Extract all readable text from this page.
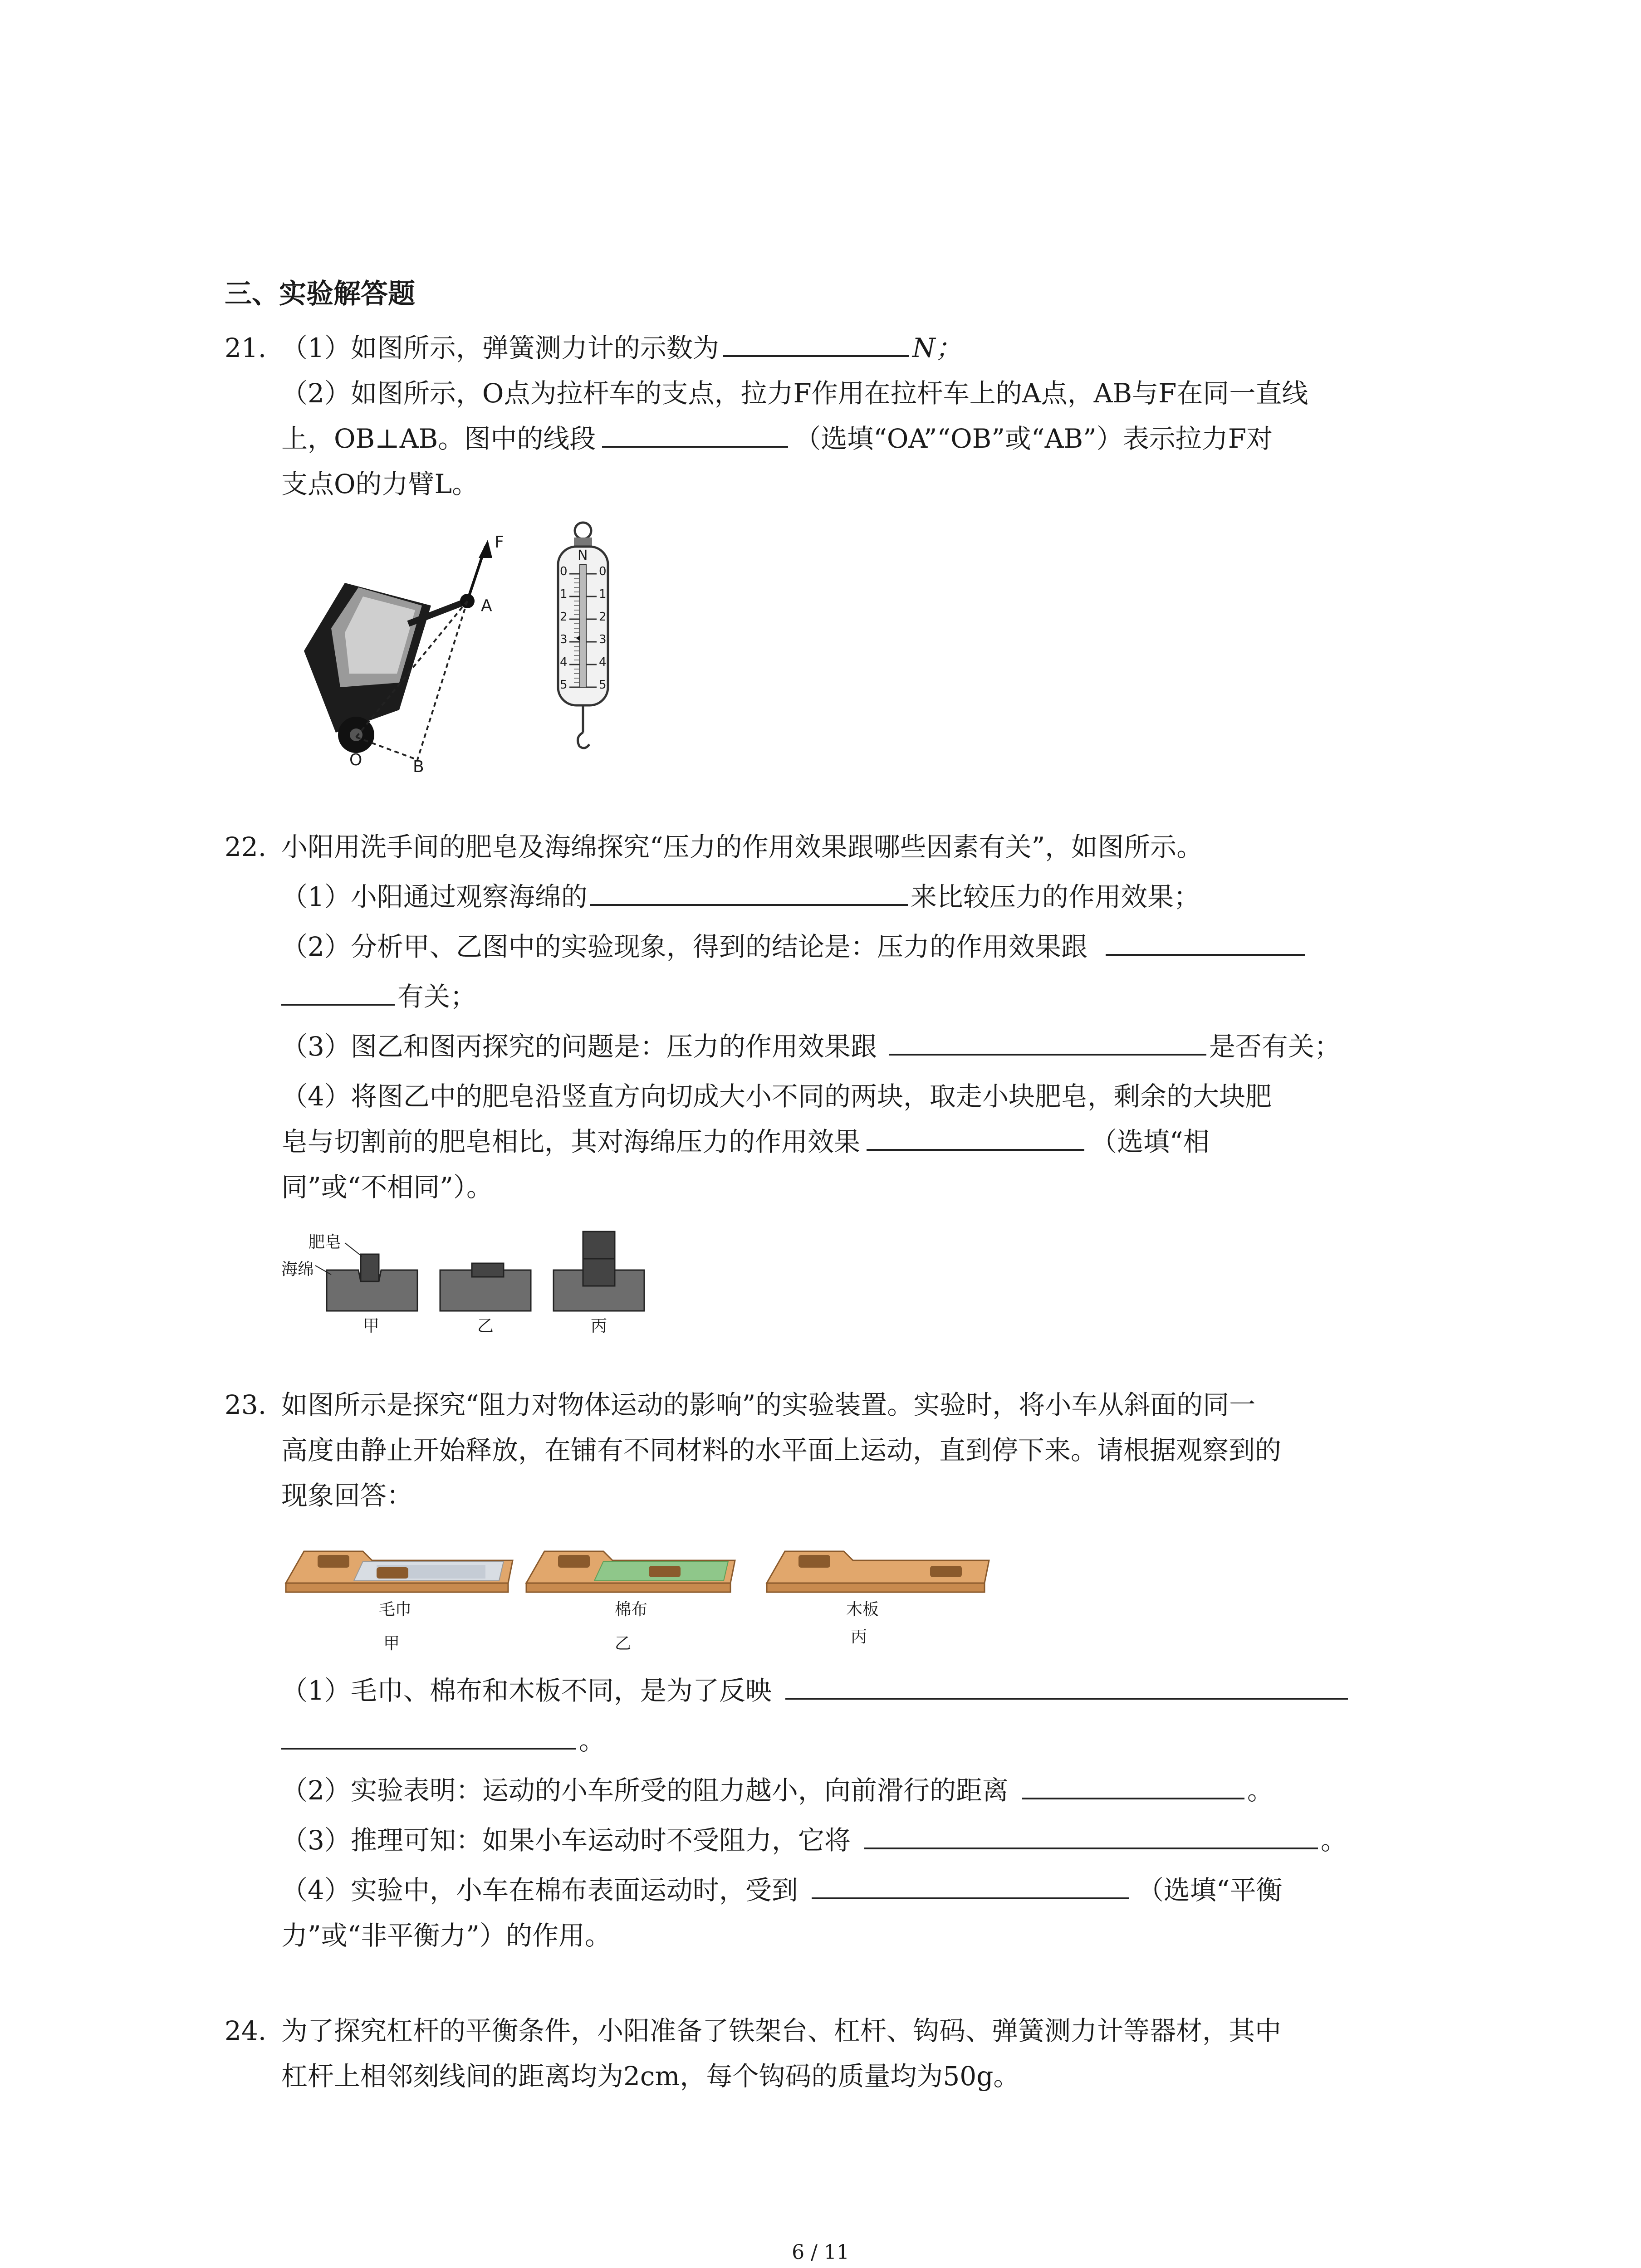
三、实验解答题
21. （1）如图所示，弹簧测力计的示数为	N；
（2）如图所示，O点为拉杆车的支点，拉力F作用在拉杆车上的A点，AB与F在同一直线
上，OB⊥AB。图中的线段	（选填“OA”“OB”或“AB”）表示拉力F对
支点O的力臂L。
F
A
O	B
N
0
1
2
3
4
5
0
1
2
3
4
5
22. 小阳用洗手间的肥皂及海绵探究“压力的作用效果跟哪些因素有关”，如图所示。
（1）小阳通过观察海绵的	来比较压力的作用效果；
（2）分析甲、乙图中的实验现象，得到的结论是：压力的作用效果跟
有关；
（3）图乙和图丙探究的问题是：压力的作用效果跟	是否有关；
（4）将图乙中的肥皂沿竖直方向切成大小不同的两块，取走小块肥皂，剩余的大块肥
皂与切割前的肥皂相比，其对海绵压力的作用效果	（选填“相
同”或“不相同”）。
肥皂
海绵
甲	乙	丙
23. 如图所示是探究“阻力对物体运动的影响”的实验装置。实验时，将小车从斜面的同一
高度由静止开始释放，在铺有不同材料的水平面上运动，直到停下来。请根据观察到的
现象回答：
毛巾	棉布	木板
甲	乙	丙
（1）毛巾、棉布和木板不同，是为了反映
。
（2）实验表明：运动的小车所受的阻力越小，向前滑行的距离	。
（3）推理可知：如果小车运动时不受阻力，它将	。
（4）实验中，小车在棉布表面运动时，受到	（选填“平衡
力”或“非平衡力”）的作用。
24. 为了探究杠杆的平衡条件，小阳准备了铁架台、杠杆、钩码、弹簧测力计等器材，其中
杠杆上相邻刻线间的距离均为2cm，每个钩码的质量均为50g。
6 / 11
